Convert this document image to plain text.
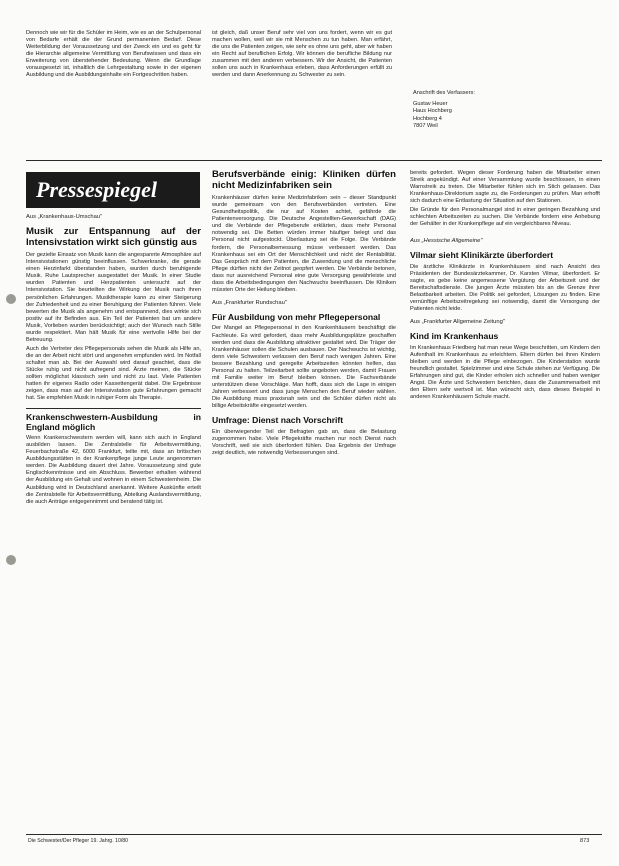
Dennoch wie wir für die Schüler im Heim, wie es an der Schulpersonal von Bedarfe erhält die der Grund permanenten Bedarf. Diese Weiterbildung der Voraussetzung und der Zweck ein und es geht für die Hierarchie allgemeine Vermittlung von Berufswissen und dass ein Erweiterung von überstehender Bedeutung. Wenn die Grundlage vorausgesetzt ist, inhaltlich die Lehrgestaltung sowie in der eigenen Ausbildung und die Ausbildungsinhalte ein Fortgeschritten haben.
ist gleich, daß unser Beruf sehr viel von uns fordert, wenn wir es gut machen wollen, weil wir sie mit Menschen zu tun haben. Man erfährt, die uns die Patienten zeigen, wie sehr es ohne uns geht, aber wir haben ein Recht auf beruflichen Erfolg. Wir können die berufliche Bildung nur zusammen mit den anderen verbessern. Wir der Ansicht, die Patienten sollen uns auch in Krankenhaus erleben, dass Anforderungen erfüllt zu werden und dann Anerkennung zu Schwester zu sein.
Anschrift des Verfassers:
Gustav Heuer
Haus Hochberg
Hochberg 4
7807 Weil
Pressespiegel
Aus „Krankenhaus-Umschau"
Musik zur Entspannung auf der Intensivstation wirkt sich günstig aus

Der gezielte Einsatz von Musik kann die angespannte Atmosphäre auf Intensivstationen günstig beeinflussen. Schwerkranke, die gerade einen Herzinfarkt überstanden haben, wurden durch beruhigende Musik. Ruhe Lautsprecher ausgestattet der Musik. In einer Studie wurden Patienten und Herzpatienten untersucht auf der Intensivstation. Sie beurteilten die Wirkung der Musik nach ihren persönlichen Erfahrungen. Musiktherapie kann zu einer Steigerung der Zufriedenheit und zu einer Beruhigung der Patienten führen. Viele bewerten die Musik als angenehm und entspannend, dies wirkte sich positiv auf ihr Befinden aus. Ein Teil der Patienten bat um andere Musik, Vorlieben wurden berücksichtigt; auch der Wunsch nach Stille wurde respektiert. Man hält Musik für eine wertvolle Hilfe bei der Betreuung.

Auch die Vertreter des Pflegepersonals sehen die Musik als Hilfe an, die an der Arbeit nicht stört und angenehm empfunden wird. Im Notfall schaltet man ab. Bei der Auswahl wird darauf geachtet, dass die Stücke ruhig und nicht aufregend sind. Ärzte meinen, die Stücke sollten möglichst klassisch sein und nicht zu laut. Viele Patienten hatten ihr eigenes Radio oder Kassettengerät dabei. Die Ergebnisse zeigen, dass man auf der Intensivstation gute Erfahrungen gemacht hat. Sie empfehlen Musik in ruhiger Form als Therapie.

Krankenschwestern-Ausbildung in England möglich

Wenn Krankenschwestern werden will, kann sich auch in England ausbilden lassen. Die Zentralstelle für Arbeitsvermittlung, Feuerbachstraße 42, 6000 Frankfurt, teilte mit, dass an britischen Ausbildungsstätten in der Krankenpflege junge Leute angenommen werden. Die Ausbildung dauert drei Jahre. Voraussetzung sind gute Englischkenntnisse und ein Abschluss. Bewerber erhalten während der Ausbildung ein Gehalt und wohnen in einem Schwesternheim. Die Ausbildung wird in Deutschland anerkannt. Weitere Auskünfte erteilt die Zentralstelle für Arbeitsvermittlung, Abteilung Auslandsvermittlung, die auch Anträge entgegennimmt und beratend tätig ist.

Berufsverbände einig: Kliniken dürfen nicht Medizinfabriken sein

Krankenhäuser dürfen keine Medizinfabriken sein – dieser Standpunkt wurde gemeinsam von den Berufsverbänden vertreten. Eine Gesundheitspolitik, die nur auf Kosten achtet, gefährde die Patientenversorgung. Die Deutsche Angestellten-Gewerkschaft (DAG) und die Verbände der Pflegeberufe erklärten, dass mehr Personal notwendig sei. Die Betten würden immer häufiger belegt und das Personal nicht aufgestockt. Überlastung sei die Folge. Die Verbände fordern, die Personalbemessung müsse verbessert werden. Das Krankenhaus sei ein Ort der Menschlichkeit und nicht der Rentabilität. Das Gespräch mit dem Patienten, die Zuwendung und die menschliche Pflege dürften nicht der Zeitnot geopfert werden. Die Verbände betonen, dass nur ausreichend Personal eine gute Versorgung gewährleiste und dass die Arbeitsbedingungen den Nachwuchs beeinflussen. Die Kliniken müssten Orte der Heilung bleiben.

Aus „Frankfurter Rundschau"
Für Ausbildung von mehr Pflegepersonal

Der Mangel an Pflegepersonal in den Krankenhäusern beschäftigt die Fachleute. Es wird gefordert, dass mehr Ausbildungsplätze geschaffen werden und dass die Ausbildung attraktiver gestaltet wird. Die Träger der Krankenhäuser sollen die Schulen ausbauen. Der Nachwuchs ist wichtig, denn viele Schwestern verlassen den Beruf nach wenigen Jahren. Eine bessere Bezahlung und geregelte Arbeitszeiten könnten helfen, das Personal zu halten. Teilzeitarbeit sollte angeboten werden, damit Frauen mit Familie weiter im Beruf bleiben können. Die Fachverbände unterstützen diese Vorschläge. Man hofft, dass sich die Lage in einigen Jahren verbessert und dass junge Menschen den Beruf wieder wählen. Die Ausbildung muss praxisnah sein und die Schüler dürfen nicht als billige Arbeitskräfte eingesetzt werden.

Umfrage: Dienst nach Vorschrift

Ein überwiegender Teil der Befragten gab an, dass die Belastung zugenommen habe. Viele Pflegekräfte machen nur noch Dienst nach Vorschrift, weil sie sich überfordert fühlen. Das Ergebnis der Umfrage zeigt deutlich, wie notwendig Verbesserungen sind.

bereits gefordert. Wegen dieser Forderung haben die Mitarbeiter einen Streik angekündigt. Auf einer Versammlung wurde beschlossen, in einen Warnstreik zu treten. Die Mitarbeiter fühlen sich im Stich gelassen. Das Krankenhaus-Direktorium sagte zu, die Forderungen zu prüfen. Man erhofft sich dadurch eine Entlastung der Situation auf den Stationen.

Die Gründe für den Personalmangel sind in einer geringen Bezahlung und schlechten Arbeitszeiten zu suchen. Die Verbände fordern eine Anhebung der Gehälter in der Krankenpflege auf ein vergleichbares Niveau.

Aus „Hessische Allgemeine"
Vilmar sieht Klinikärzte überfordert

Die ärztliche Klinikärzte in Krankenhäusern sind nach Ansicht des Präsidenten der Bundesärztekammer, Dr. Karsten Vilmar, überfordert. Er sagte, es gebe keine angemessene Vergütung der Arbeitszeit und der Bereitschaftsdienste. Die jungen Ärzte müssten bis an die Grenze ihrer Belastbarkeit arbeiten. Die Politik sei gefordert, Lösungen zu finden. Eine vernünftige Arbeitszeitregelung sei notwendig, damit die Versorgung der Patienten nicht leide.

Aus „Frankfurter Allgemeine Zeitung"
Kind im Krankenhaus

Im Krankenhaus Friedberg hat man neue Wege beschritten, um Kindern den Aufenthalt im Krankenhaus zu erleichtern. Eltern dürfen bei ihren Kindern bleiben und werden in die Pflege einbezogen. Die Kinderstation wurde freundlich gestaltet. Spielzimmer und eine Schule stehen zur Verfügung. Die Erfahrungen sind gut, die Kinder erholen sich schneller und haben weniger Angst. Die Ärzte und Schwestern berichten, dass die Zusammenarbeit mit den Eltern sehr wertvoll ist. Man wünscht sich, dass dieses Beispiel in anderen Krankenhäusern Schule macht.

Die Schwester/Der Pfleger 19. Jahrg. 10/80	873
